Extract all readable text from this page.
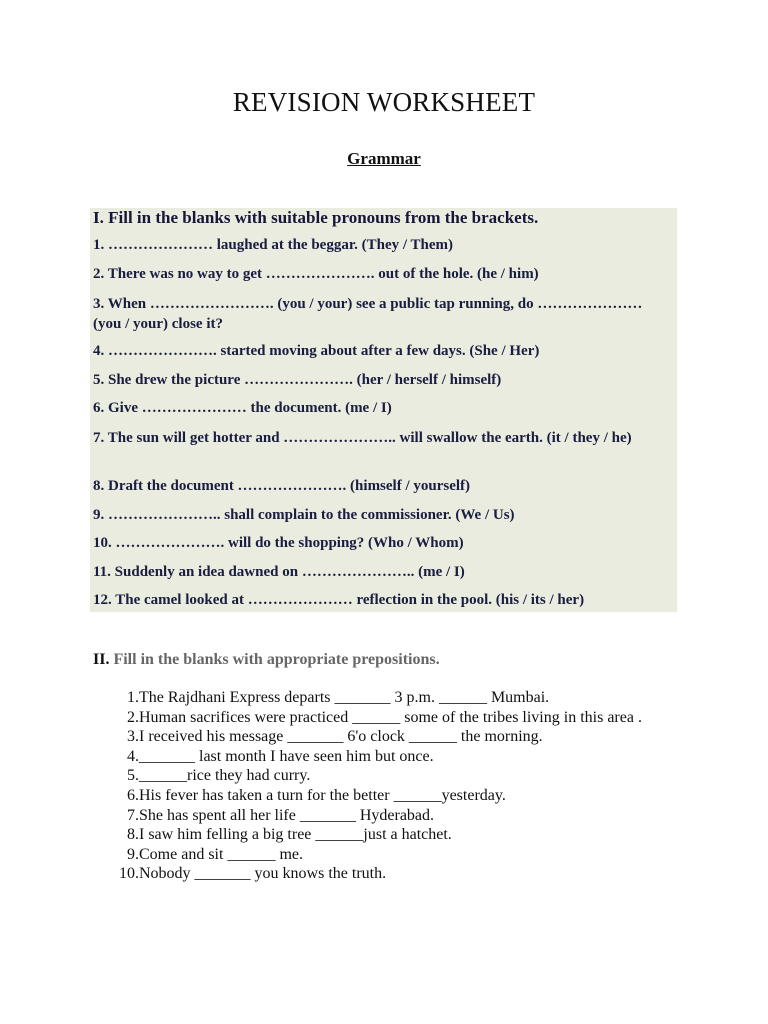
REVISION WORKSHEET
Grammar
I. Fill in the blanks with suitable pronouns from the brackets.
1. ………………… laughed at the beggar. (They / Them)
2. There was no way to get …………………. out of the hole. (he / him)
3. When ……………………. (you / your) see a public tap running, do ………………… (you / your) close it?
4. …………………. started moving about after a few days. (She / Her)
5. She drew the picture …………………. (her / herself / himself)
6. Give ………………… the document. (me / I)
7. The sun will get hotter and ………………….. will swallow the earth. (it / they / he)
8. Draft the document …………………. (himself / yourself)
9. ………………….. shall complain to the commissioner. (We / Us)
10. …………………. will do the shopping? (Who / Whom)
11. Suddenly an idea dawned on ………………….. (me / I)
12. The camel looked at ………………… reflection in the pool. (his / its / her)
II. Fill in the blanks with appropriate prepositions.
1. The Rajdhani Express departs _______ 3 p.m. ______ Mumbai.
2. Human sacrifices were practiced ______ some of the tribes living in this area .
3. I received his message _______ 6'o clock ______ the morning.
4. _______ last month I have seen him but once.
5. ______rice they had curry.
6. His fever has taken a turn for the better ______yesterday.
7. She has spent all her life _______ Hyderabad.
8. I saw him felling a big tree ______just a hatchet.
9. Come and sit ______ me.
10. Nobody _______ you knows the truth.
